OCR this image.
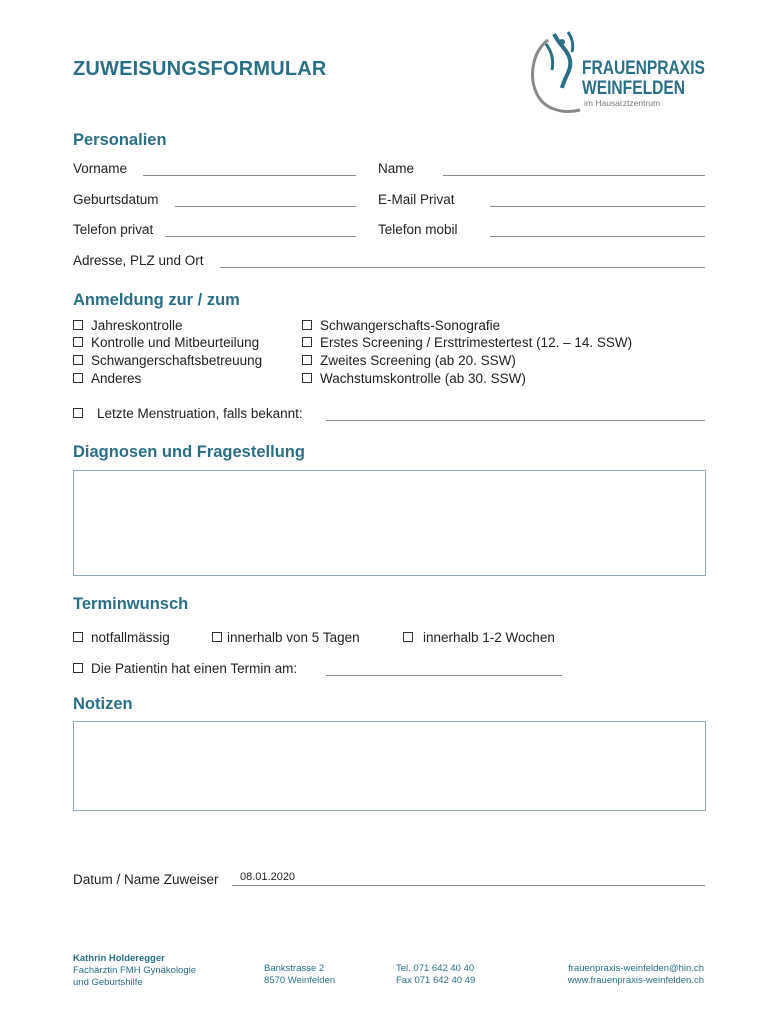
ZUWEISUNGSFORMULAR	FRAUENPRAXIS
WEINFELDEN
im Hausarztzentrum
Personalien
Vorname	Name
Geburtsdatum	E-Mail Privat
Telefon privat	Telefon mobil
Adresse, PLZ und Ort
Anmeldung zur / zum
Jahreskontrolle
Kontrolle und Mitbeurteilung
Schwangerschaftsbetreuung
Anderes
Schwangerschafts-Sonografie
Erstes Screening / Ersttrimestertest (12. – 14. SSW)
Zweites Screening (ab 20. SSW)
Wachstumskontrolle (ab 30. SSW)
Letzte Menstruation, falls bekannt:
Diagnosen und Fragestellung
Terminwunsch
notfallmässig	innerhalb von 5 Tagen	innerhalb 1-2 Wochen
Die Patientin hat einen Termin am:
Notizen
Datum / Name Zuweiser 08.01.2020
Kathrin Holderegger
Fachärztin FMH Gynäkologie
und Geburtshilfe
Bankstrasse 2
8570 Weinfelden
Tel. 071 642 40 40
Fax 071 642 40 49
frauenpraxis-weinfelden@hin.ch
www.frauenpraxis-weinfelden.ch
